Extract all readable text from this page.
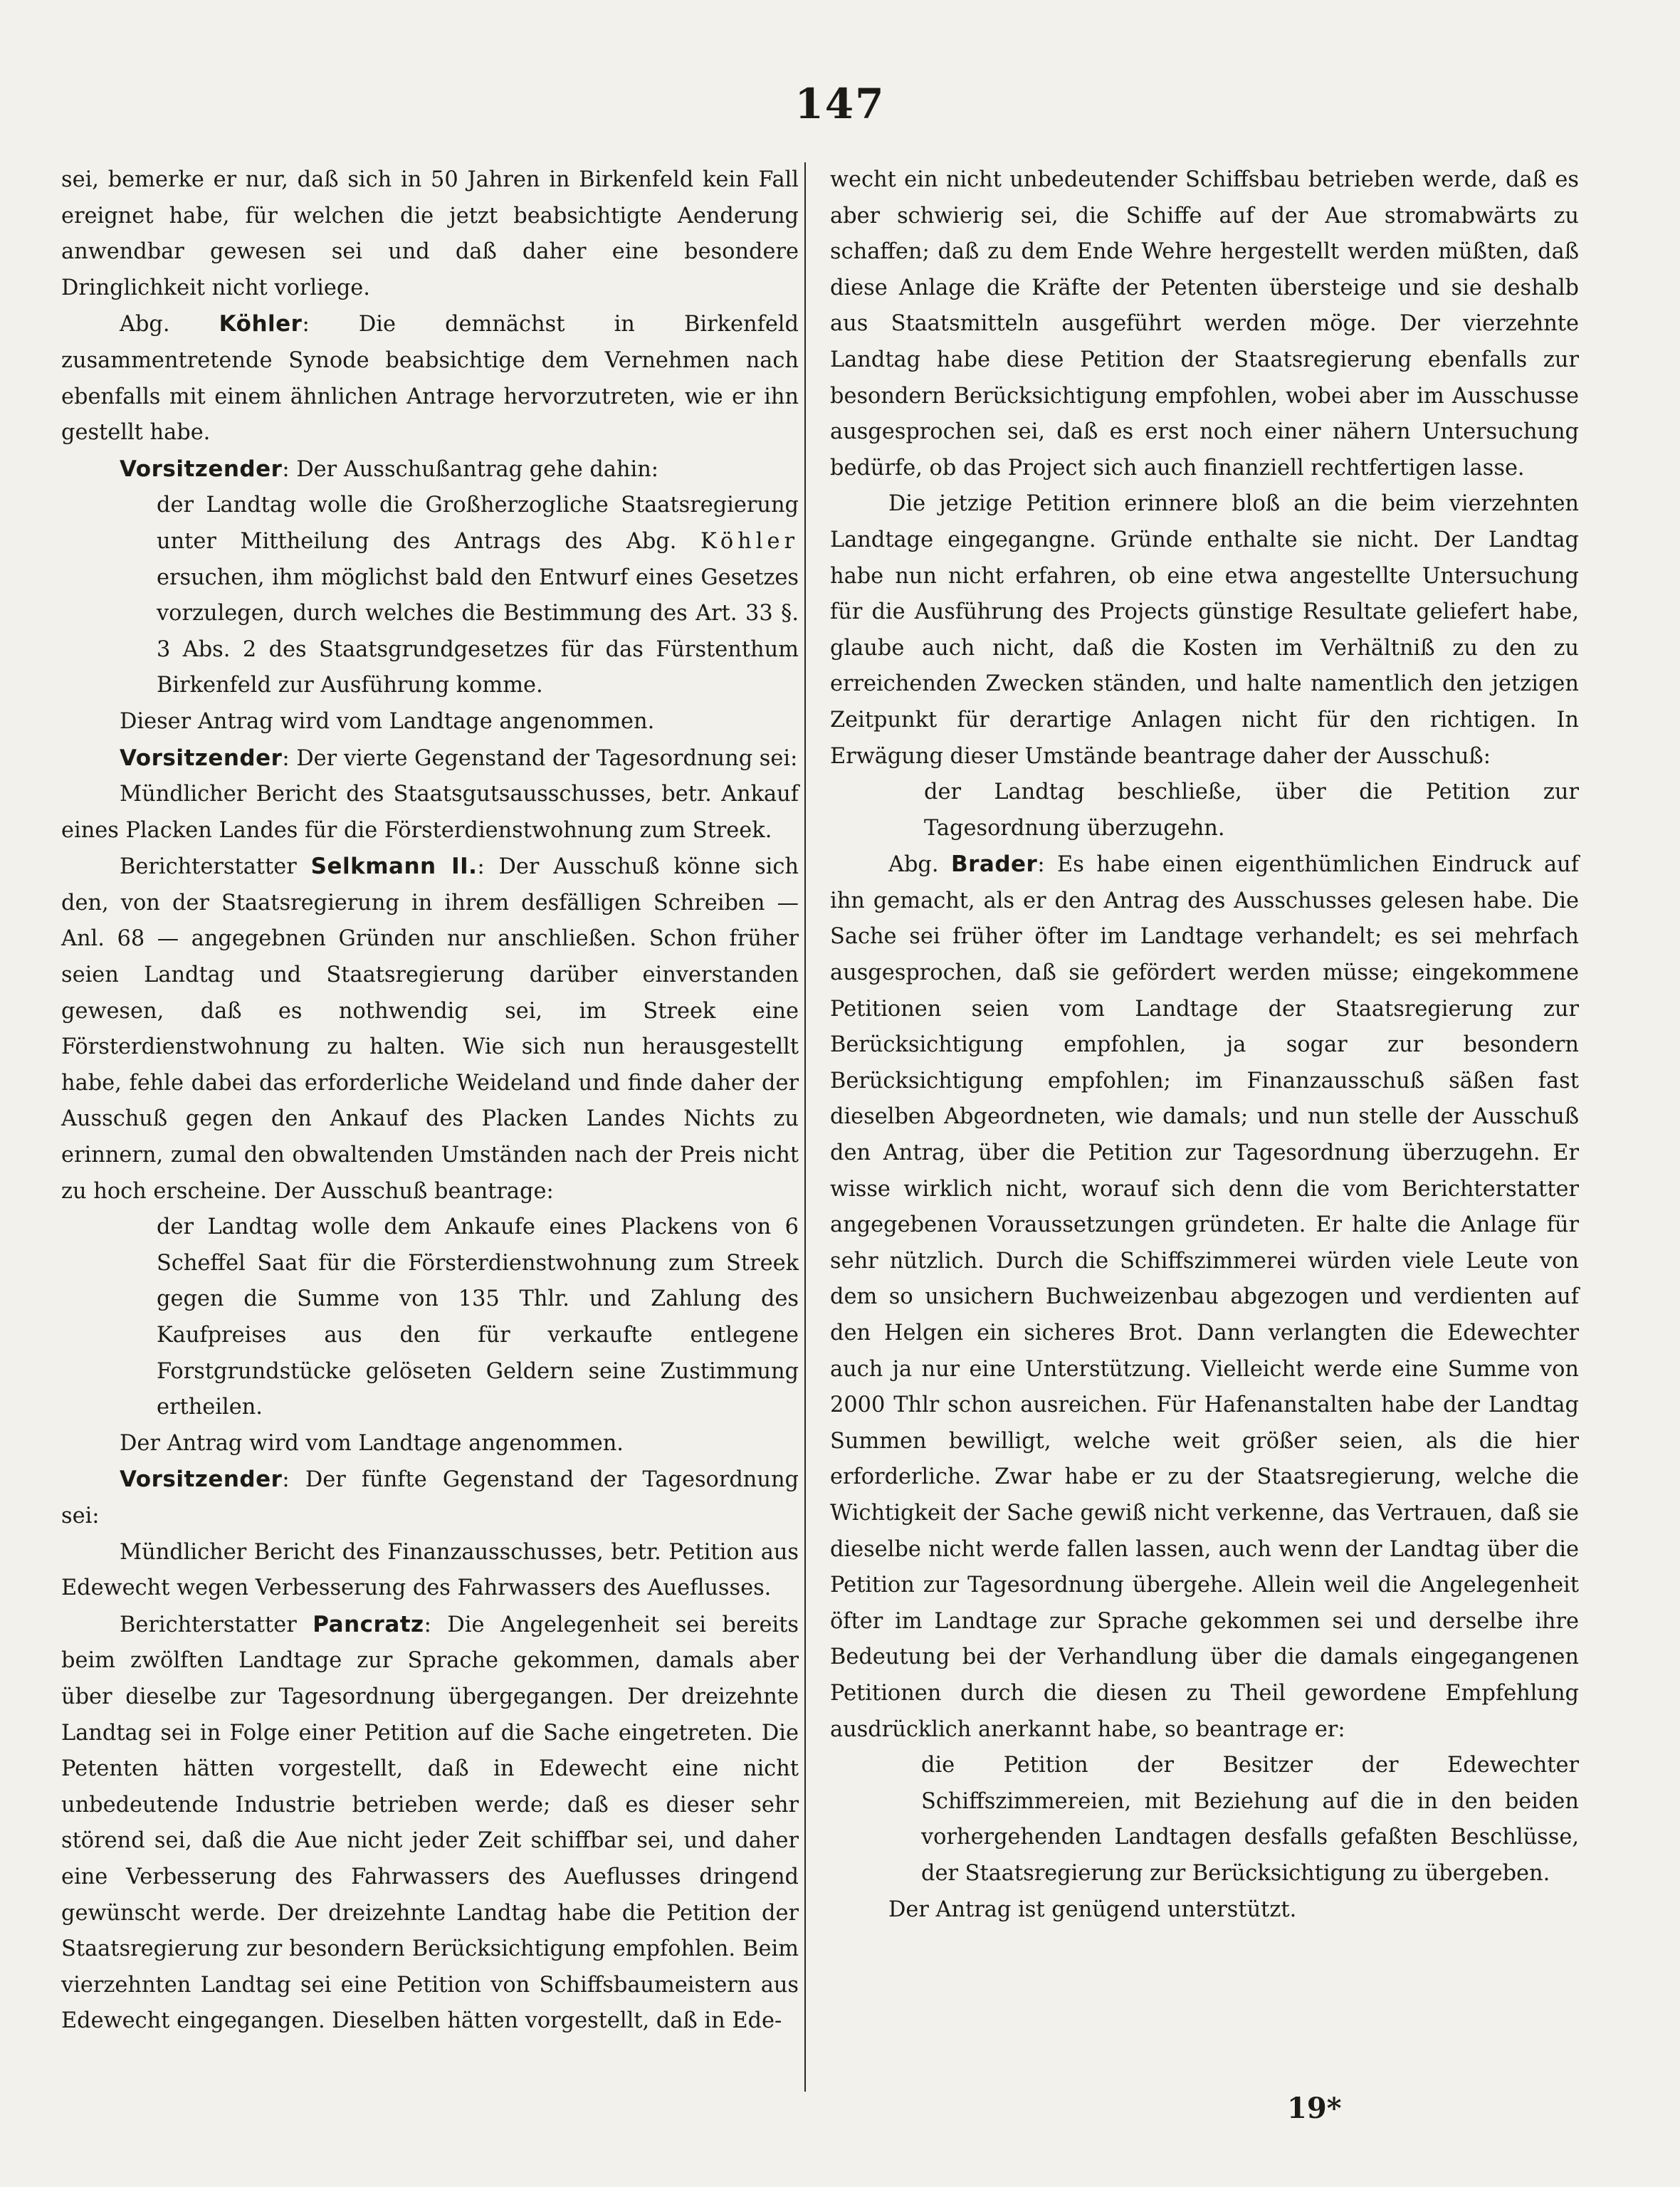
147

sei, bemerke er nur, daß sich in 50 Jahren in Birkenfeld kein Fall ereignet habe, für welchen die jetzt beabsichtigte Aenderung anwendbar gewesen sei und daß daher eine besondere Dringlichkeit nicht vorliege.

Abg. Köhler: Die demnächst in Birkenfeld zusammentretende Synode beabsichtige dem Vernehmen nach ebenfalls mit einem ähnlichen Antrage hervorzutreten, wie er ihn gestellt habe.

Vorsitzender: Der Ausschußantrag gehe dahin:

der Landtag wolle die Großherzogliche Staatsregierung unter Mittheilung des Antrags des Abg. Köhler ersuchen, ihm möglichst bald den Entwurf eines Gesetzes vorzulegen, durch welches die Bestimmung des Art. 33 §. 3 Abs. 2 des Staatsgrundgesetzes für das Fürstenthum Birkenfeld zur Ausführung komme.

Dieser Antrag wird vom Landtage angenommen.

Vorsitzender: Der vierte Gegenstand der Tagesordnung sei:

Mündlicher Bericht des Staatsgutsausschusses, betr. Ankauf eines Placken Landes für die Försterdienstwohnung zum Streek.

Berichterstatter Selkmann II.: Der Ausschuß könne sich den, von der Staatsregierung in ihrem desfälligen Schreiben — Anl. 68 — angegebnen Gründen nur anschließen. Schon früher seien Landtag und Staatsregierung darüber einverstanden gewesen, daß es nothwendig sei, im Streek eine Försterdienstwohnung zu halten. Wie sich nun herausgestellt habe, fehle dabei das erforderliche Weideland und finde daher der Ausschuß gegen den Ankauf des Placken Landes Nichts zu erinnern, zumal den obwaltenden Umständen nach der Preis nicht zu hoch erscheine. Der Ausschuß beantrage:

der Landtag wolle dem Ankaufe eines Plackens von 6 Scheffel Saat für die Försterdienstwohnung zum Streek gegen die Summe von 135 Thlr. und Zahlung des Kaufpreises aus den für verkaufte entlegene Forstgrundstücke gelöseten Geldern seine Zustimmung ertheilen.

Der Antrag wird vom Landtage angenommen.

Vorsitzender: Der fünfte Gegenstand der Tagesordnung sei:

Mündlicher Bericht des Finanzausschusses, betr. Petition aus Edewecht wegen Verbesserung des Fahrwassers des Aueflusses.

Berichterstatter Pancratz: Die Angelegenheit sei bereits beim zwölften Landtage zur Sprache gekommen, damals aber über dieselbe zur Tagesordnung übergegangen. Der dreizehnte Landtag sei in Folge einer Petition auf die Sache eingetreten. Die Petenten hätten vorgestellt, daß in Edewecht eine nicht unbedeutende Industrie betrieben werde; daß es dieser sehr störend sei, daß die Aue nicht jeder Zeit schiffbar sei, und daher eine Verbesserung des Fahrwassers des Aueflusses dringend gewünscht werde. Der dreizehnte Landtag habe die Petition der Staatsregierung zur besondern Berücksichtigung empfohlen. Beim vierzehnten Landtag sei eine Petition von Schiffsbaumeistern aus Edewecht eingegangen. Dieselben hätten vorgestellt, daß in Ede-

wecht ein nicht unbedeutender Schiffsbau betrieben werde, daß es aber schwierig sei, die Schiffe auf der Aue stromabwärts zu schaffen; daß zu dem Ende Wehre hergestellt werden müßten, daß diese Anlage die Kräfte der Petenten übersteige und sie deshalb aus Staatsmitteln ausgeführt werden möge. Der vierzehnte Landtag habe diese Petition der Staatsregierung ebenfalls zur besondern Berücksichtigung empfohlen, wobei aber im Ausschusse ausgesprochen sei, daß es erst noch einer nähern Untersuchung bedürfe, ob das Project sich auch finanziell rechtfertigen lasse.

Die jetzige Petition erinnere bloß an die beim vierzehnten Landtage eingegangne. Gründe enthalte sie nicht. Der Landtag habe nun nicht erfahren, ob eine etwa angestellte Untersuchung für die Ausführung des Projects günstige Resultate geliefert habe, glaube auch nicht, daß die Kosten im Verhältniß zu den zu erreichenden Zwecken ständen, und halte namentlich den jetzigen Zeitpunkt für derartige Anlagen nicht für den richtigen. In Erwägung dieser Umstände beantrage daher der Ausschuß:

der Landtag beschließe, über die Petition zur Tagesordnung überzugehn.

Abg. Brader: Es habe einen eigenthümlichen Eindruck auf ihn gemacht, als er den Antrag des Ausschusses gelesen habe. Die Sache sei früher öfter im Landtage verhandelt; es sei mehrfach ausgesprochen, daß sie gefördert werden müsse; eingekommene Petitionen seien vom Landtage der Staatsregierung zur Berücksichtigung empfohlen, ja sogar zur besondern Berücksichtigung empfohlen; im Finanzausschuß säßen fast dieselben Abgeordneten, wie damals; und nun stelle der Ausschuß den Antrag, über die Petition zur Tagesordnung überzugehn. Er wisse wirklich nicht, worauf sich denn die vom Berichterstatter angegebenen Voraussetzungen gründeten. Er halte die Anlage für sehr nützlich. Durch die Schiffszimmerei würden viele Leute von dem so unsichern Buchweizenbau abgezogen und verdienten auf den Helgen ein sicheres Brot. Dann verlangten die Edewechter auch ja nur eine Unterstützung. Vielleicht werde eine Summe von 2000 Thlr schon ausreichen. Für Hafenanstalten habe der Landtag Summen bewilligt, welche weit größer seien, als die hier erforderliche. Zwar habe er zu der Staatsregierung, welche die Wichtigkeit der Sache gewiß nicht verkenne, das Vertrauen, daß sie dieselbe nicht werde fallen lassen, auch wenn der Landtag über die Petition zur Tagesordnung übergehe. Allein weil die Angelegenheit öfter im Landtage zur Sprache gekommen sei und derselbe ihre Bedeutung bei der Verhandlung über die damals eingegangenen Petitionen durch die diesen zu Theil gewordene Empfehlung ausdrücklich anerkannt habe, so beantrage er:

die Petition der Besitzer der Edewechter Schiffszimmereien, mit Beziehung auf die in den beiden vorhergehenden Landtagen desfalls gefaßten Beschlüsse, der Staatsregierung zur Berücksichtigung zu übergeben.

Der Antrag ist genügend unterstützt.

19*
